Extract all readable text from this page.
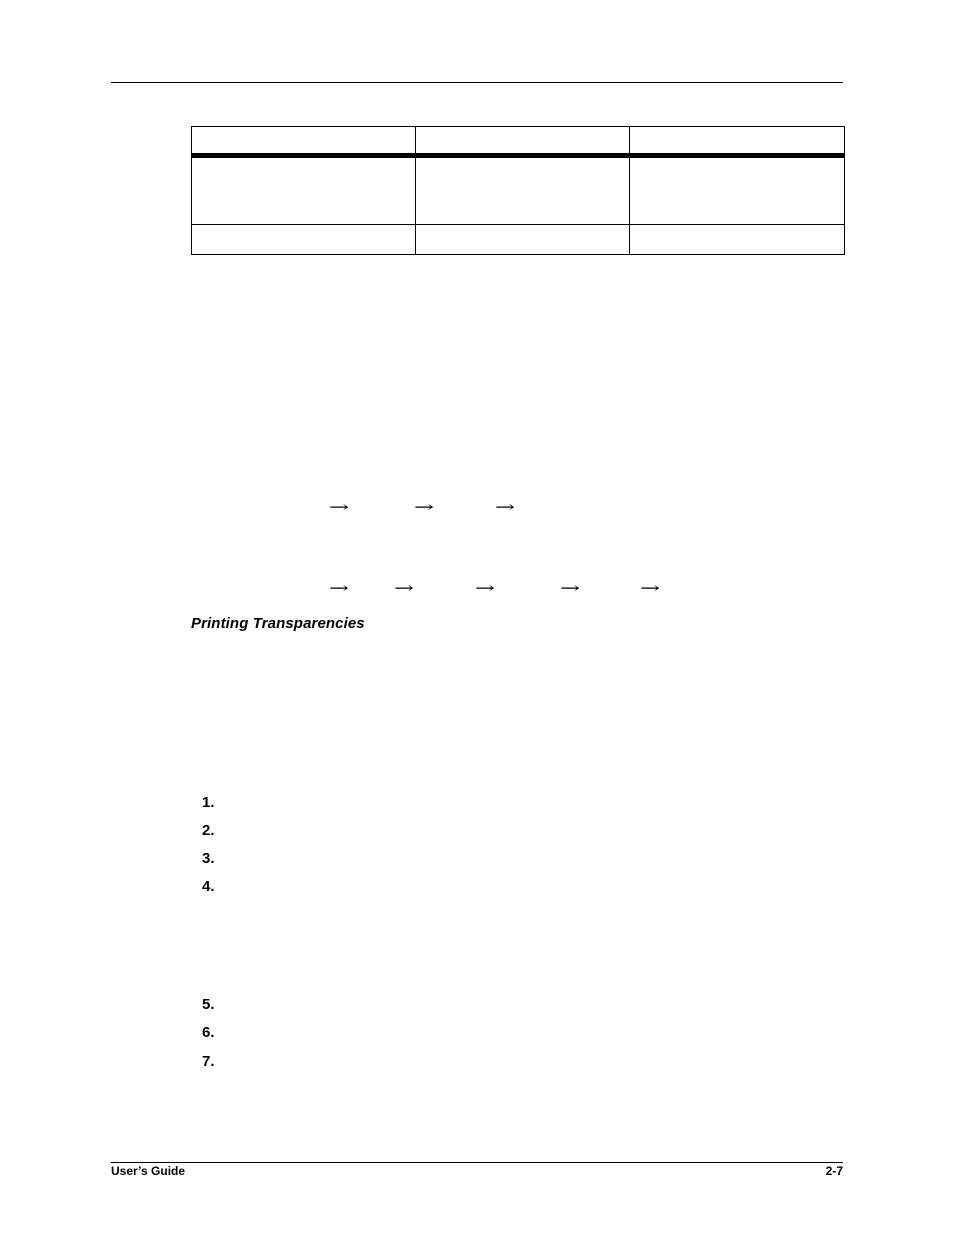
→	→	→
→	→	→	→	→
Printing Transparencies
1.
2.
3.
4.
5.
6.
7.
User’s Guide	2-7
